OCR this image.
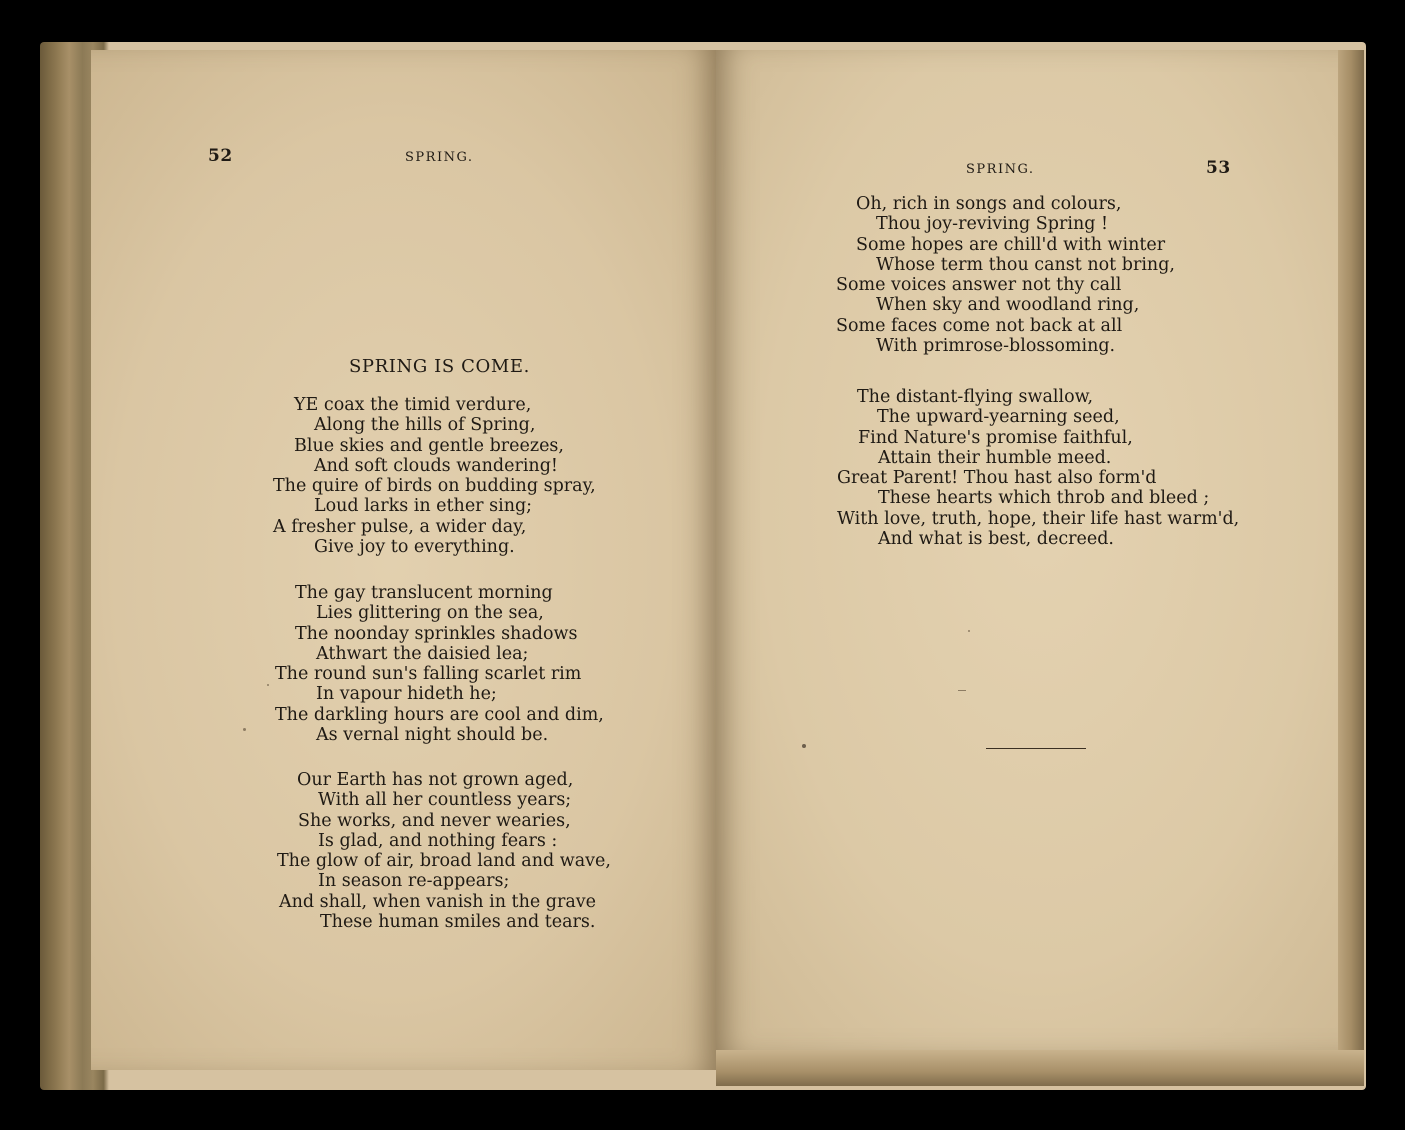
52	SPRING.
SPRING IS COME.
YE coax the timid verdure,
Along the hills of Spring,
Blue skies and gentle breezes,
And soft clouds wandering!
The quire of birds on budding spray,
Loud larks in ether sing;
A fresher pulse, a wider day,
Give joy to everything.
The gay translucent morning
Lies glittering on the sea,
The noonday sprinkles shadows
Athwart the daisied lea;
The round sun's falling scarlet rim
In vapour hideth he;
The darkling hours are cool and dim,
As vernal night should be.
Our Earth has not grown aged,
With all her countless years;
She works, and never wearies,
Is glad, and nothing fears :
The glow of air, broad land and wave,
In season re-appears;
And shall, when vanish in the grave
These human smiles and tears.
SPRING.	53
Oh, rich in songs and colours,
Thou joy-reviving Spring !
Some hopes are chill'd with winter
Whose term thou canst not bring,
Some voices answer not thy call
When sky and woodland ring,
Some faces come not back at all
With primrose-blossoming.
The distant-flying swallow,
The upward-yearning seed,
Find Nature's promise faithful,
Attain their humble meed.
Great Parent! Thou hast also form'd
These hearts which throb and bleed ;
With love, truth, hope, their life hast warm'd,
And what is best, decreed.
